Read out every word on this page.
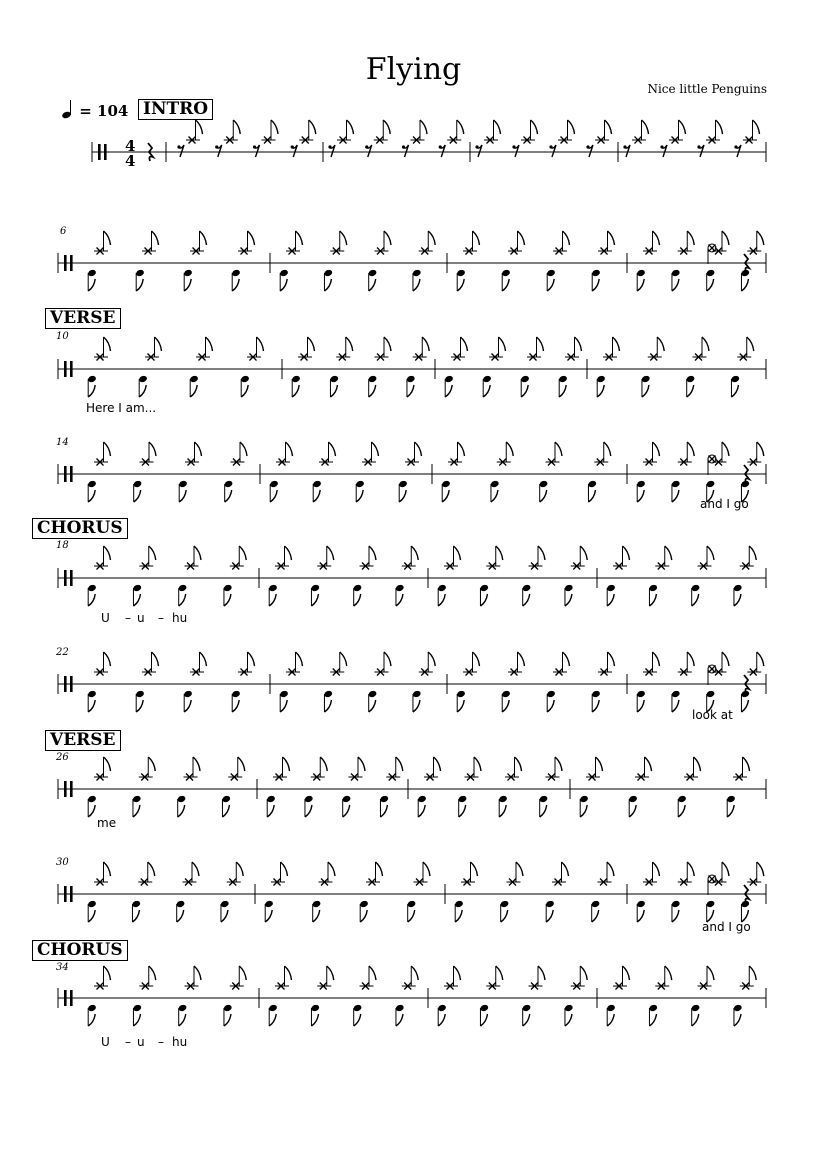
Flying
Nice little Penguins
= 104 INTRO
VERSE
CHORUS
VERSE
CHORUS
6
10
14
18
22
26
30
34
Here I am...
and I go
U – u – hu
look at
me
and I go
U – u – hu
4
4
